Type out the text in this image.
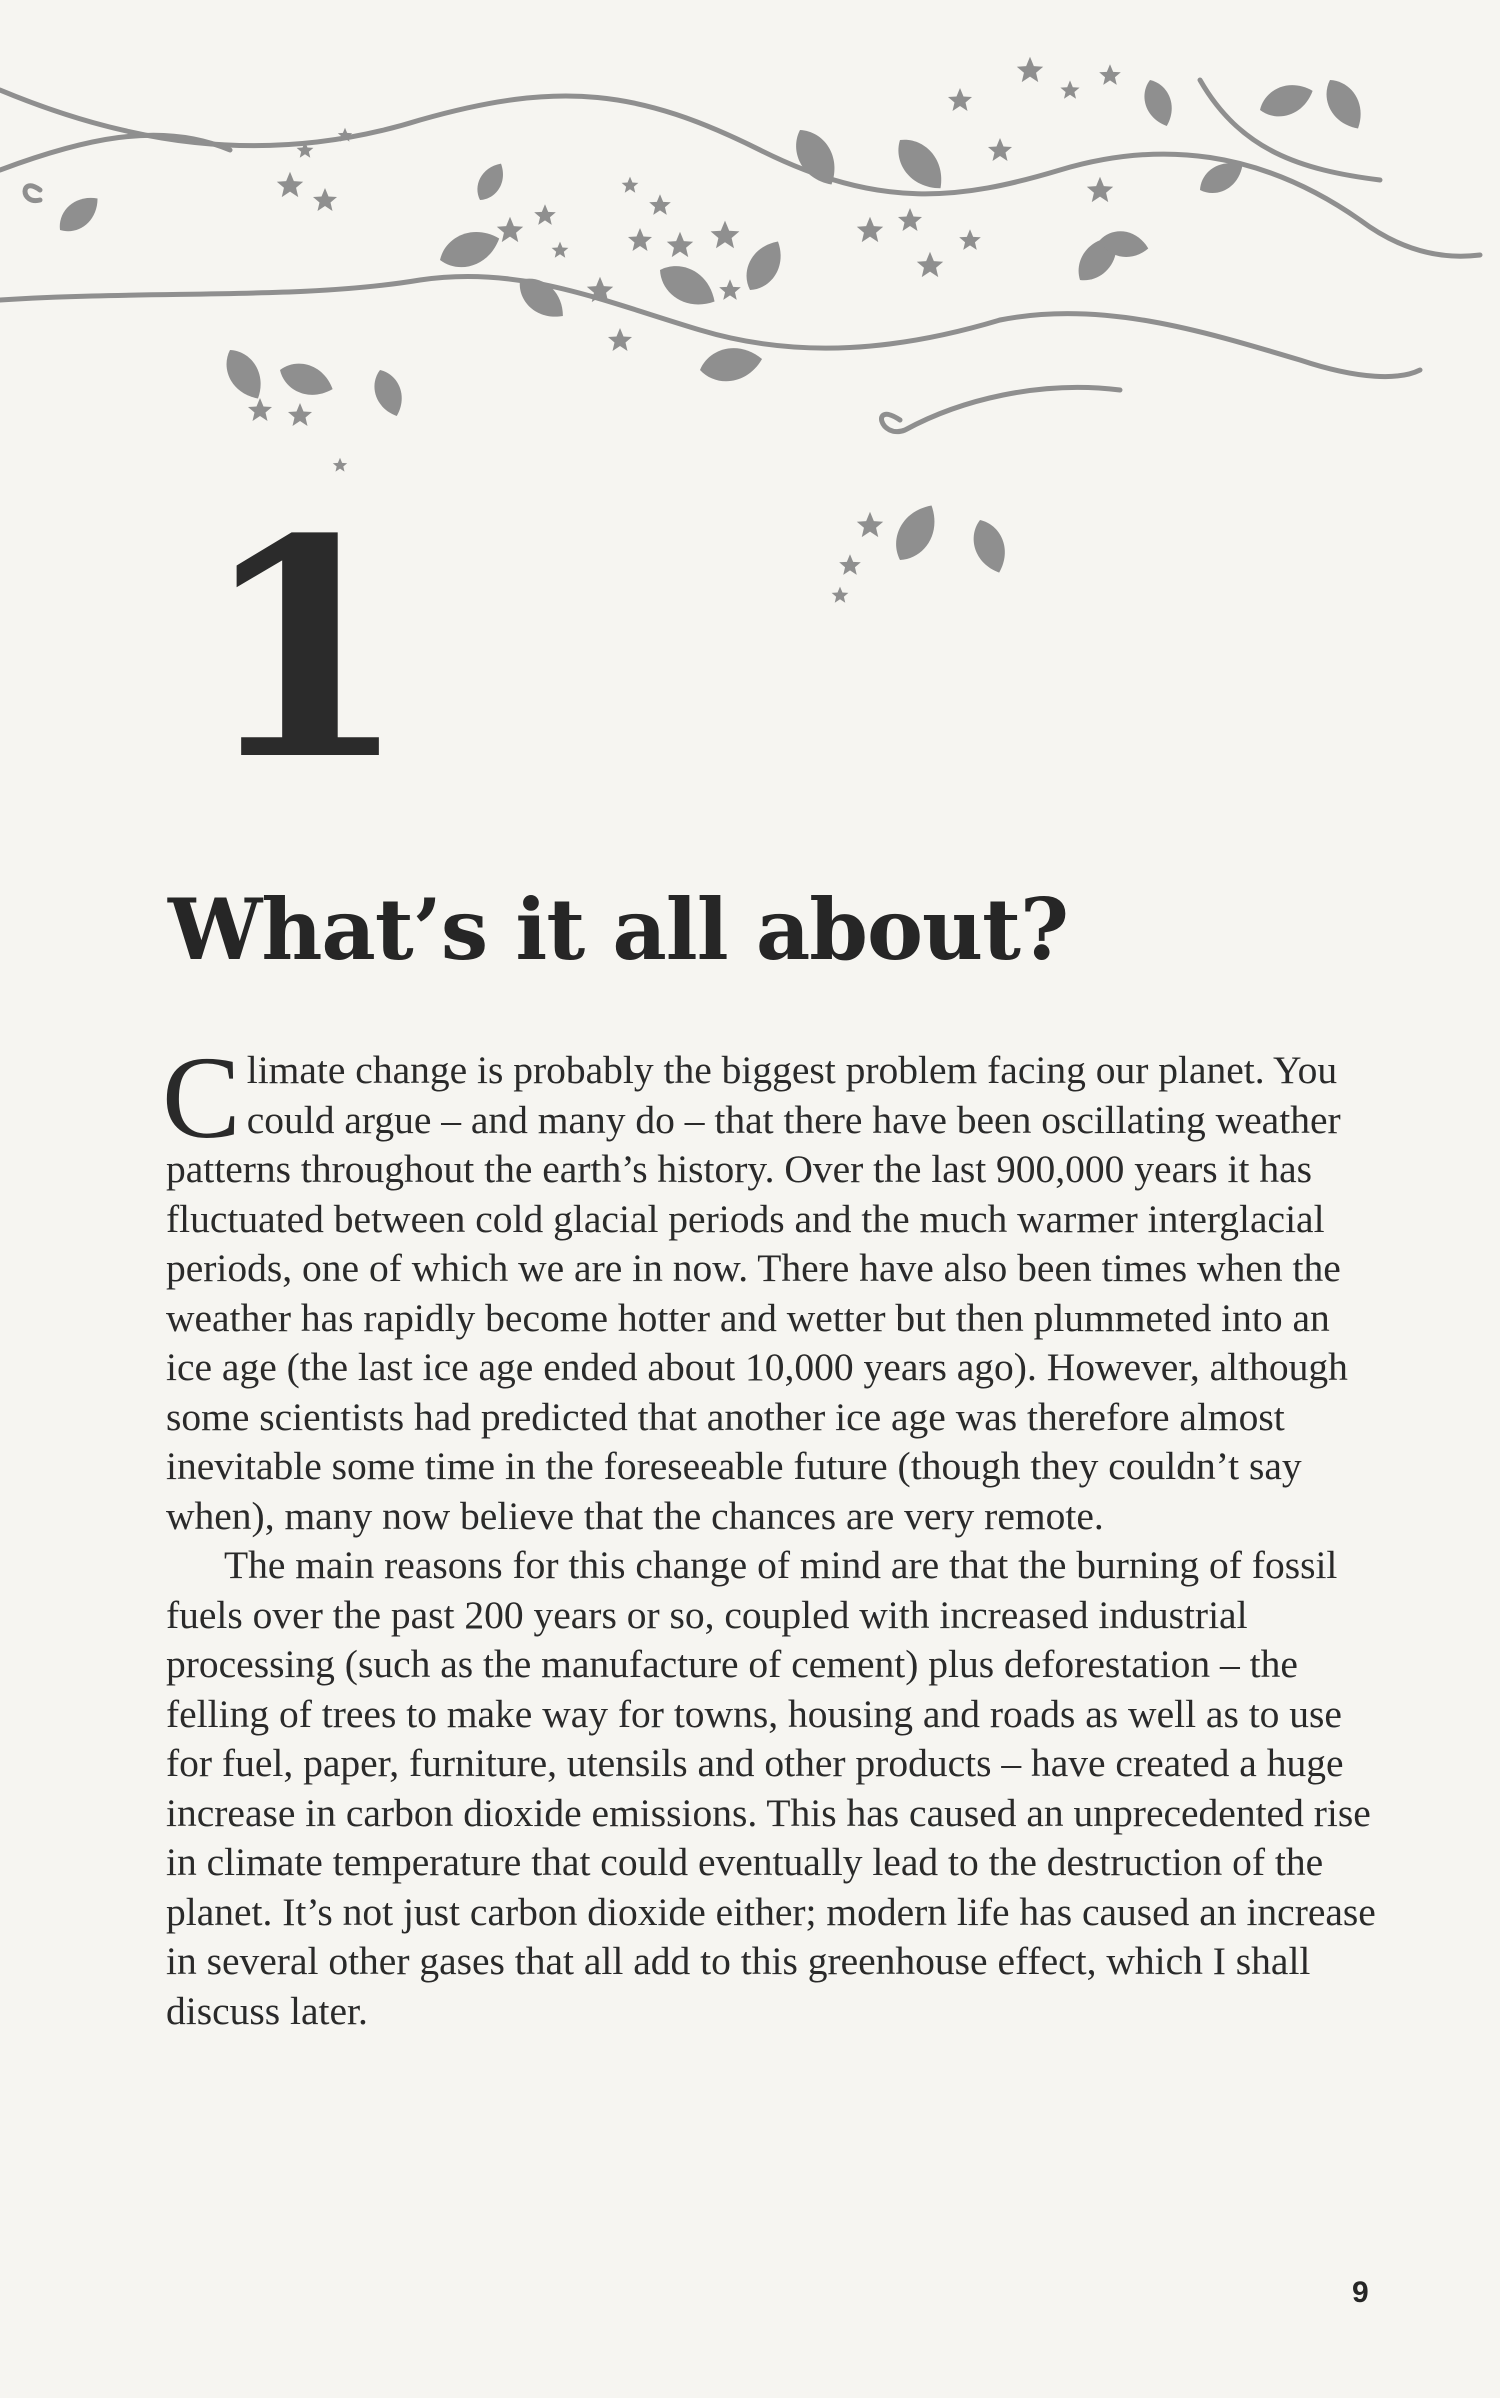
1
What’s it all about?

Climate change is probably the biggest problem facing our planet. You could argue – and many do – that there have been oscillating weather patterns throughout the earth’s history. Over the last 900,000 years it has fluctuated between cold glacial periods and the much warmer interglacial periods, one of which we are in now. There have also been times when the weather has rapidly become hotter and wetter but then plummeted into an ice age (the last ice age ended about 10,000 years ago). However, although some scientists had predicted that another ice age was therefore almost inevitable some time in the foreseeable future (though they couldn’t say when), many now believe that the chances are very remote.

The main reasons for this change of mind are that the burning of fossil fuels over the past 200 years or so, coupled with increased industrial processing (such as the manufacture of cement) plus deforestation – the felling of trees to make way for towns, housing and roads as well as to use for fuel, paper, furniture, utensils and other products – have created a huge increase in carbon dioxide emissions. This has caused an unprecedented rise in climate temperature that could eventually lead to the destruction of the planet. It’s not just carbon dioxide either; modern life has caused an increase in several other gases that all add to this greenhouse effect, which I shall discuss later.

9
